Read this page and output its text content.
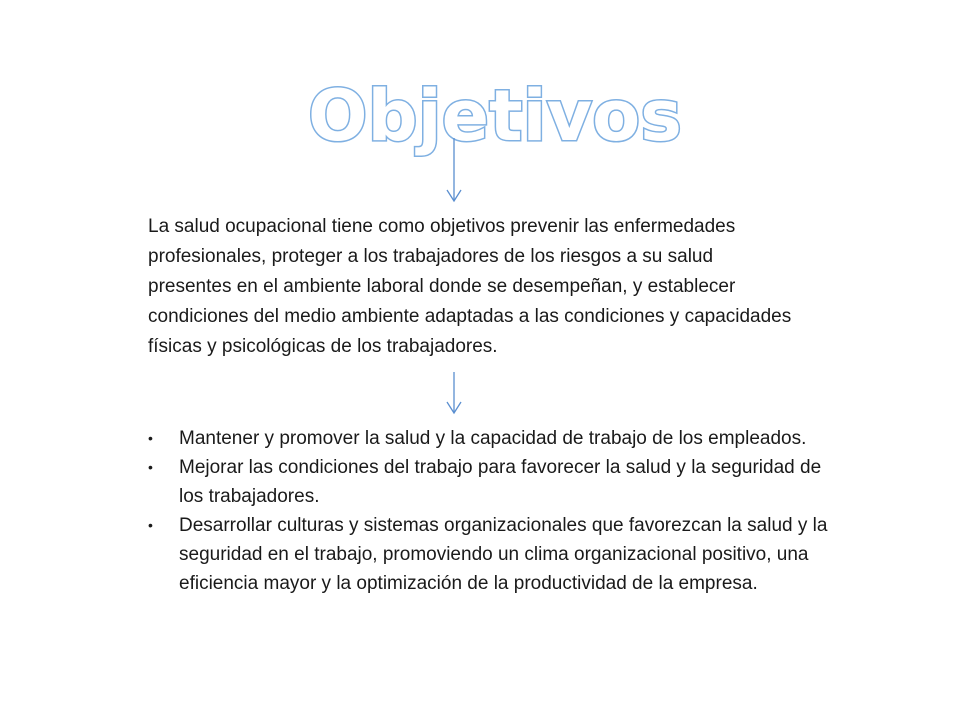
Objetivos

La salud ocupacional tiene como objetivos prevenir las enfermedades profesionales, proteger a los trabajadores de los riesgos a su salud presentes en el ambiente laboral donde se desempeñan, y establecer condiciones del medio ambiente adaptadas a las condiciones y capacidades físicas y psicológicas de los trabajadores.

• Mantener y promover la salud y la capacidad de trabajo de los empleados.
• Mejorar las condiciones del trabajo para favorecer la salud y la seguridad de los trabajadores.
• Desarrollar culturas y sistemas organizacionales que favorezcan la salud y la seguridad en el trabajo, promoviendo un clima organizacional positivo, una eficiencia mayor y la optimización de la productividad de la empresa.
